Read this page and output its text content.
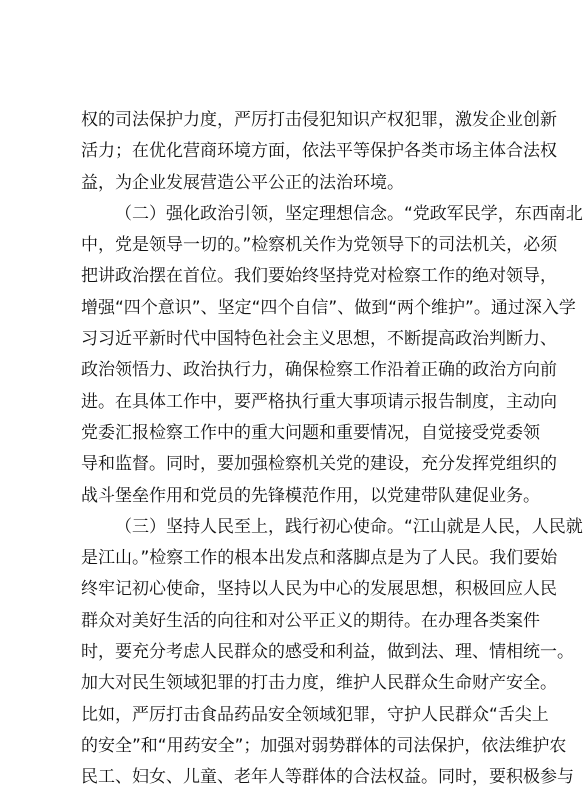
权的司法保护力度，严厉打击侵犯知识产权犯罪，激发企业创新
活力；在优化营商环境方面，依法平等保护各类市场主体合法权
益，为企业发展营造公平公正的法治环境。
（二）强化政治引领，坚定理想信念。“党政军民学，东西南北
中，党是领导一切的。”检察机关作为党领导下的司法机关，必须
把讲政治摆在首位。我们要始终坚持党对检察工作的绝对领导，
增强“四个意识”、坚定“四个自信”、做到“两个维护”。通过深入学
习习近平新时代中国特色社会主义思想，不断提高政治判断力、
政治领悟力、政治执行力，确保检察工作沿着正确的政治方向前
进。在具体工作中，要严格执行重大事项请示报告制度，主动向
党委汇报检察工作中的重大问题和重要情况，自觉接受党委领
导和监督。同时，要加强检察机关党的建设，充分发挥党组织的
战斗堡垒作用和党员的先锋模范作用，以党建带队建促业务。
（三）坚持人民至上，践行初心使命。“江山就是人民，人民就
是江山。”检察工作的根本出发点和落脚点是为了人民。我们要始
终牢记初心使命，坚持以人民为中心的发展思想，积极回应人民
群众对美好生活的向往和对公平正义的期待。在办理各类案件
时，要充分考虑人民群众的感受和利益，做到法、理、情相统一。
加大对民生领域犯罪的打击力度，维护人民群众生命财产安全。
比如，严厉打击食品药品安全领域犯罪，守护人民群众“舌尖上
的安全”和“用药安全”；加强对弱势群体的司法保护，依法维护农
民工、妇女、儿童、老年人等群体的合法权益。同时，要积极参与
